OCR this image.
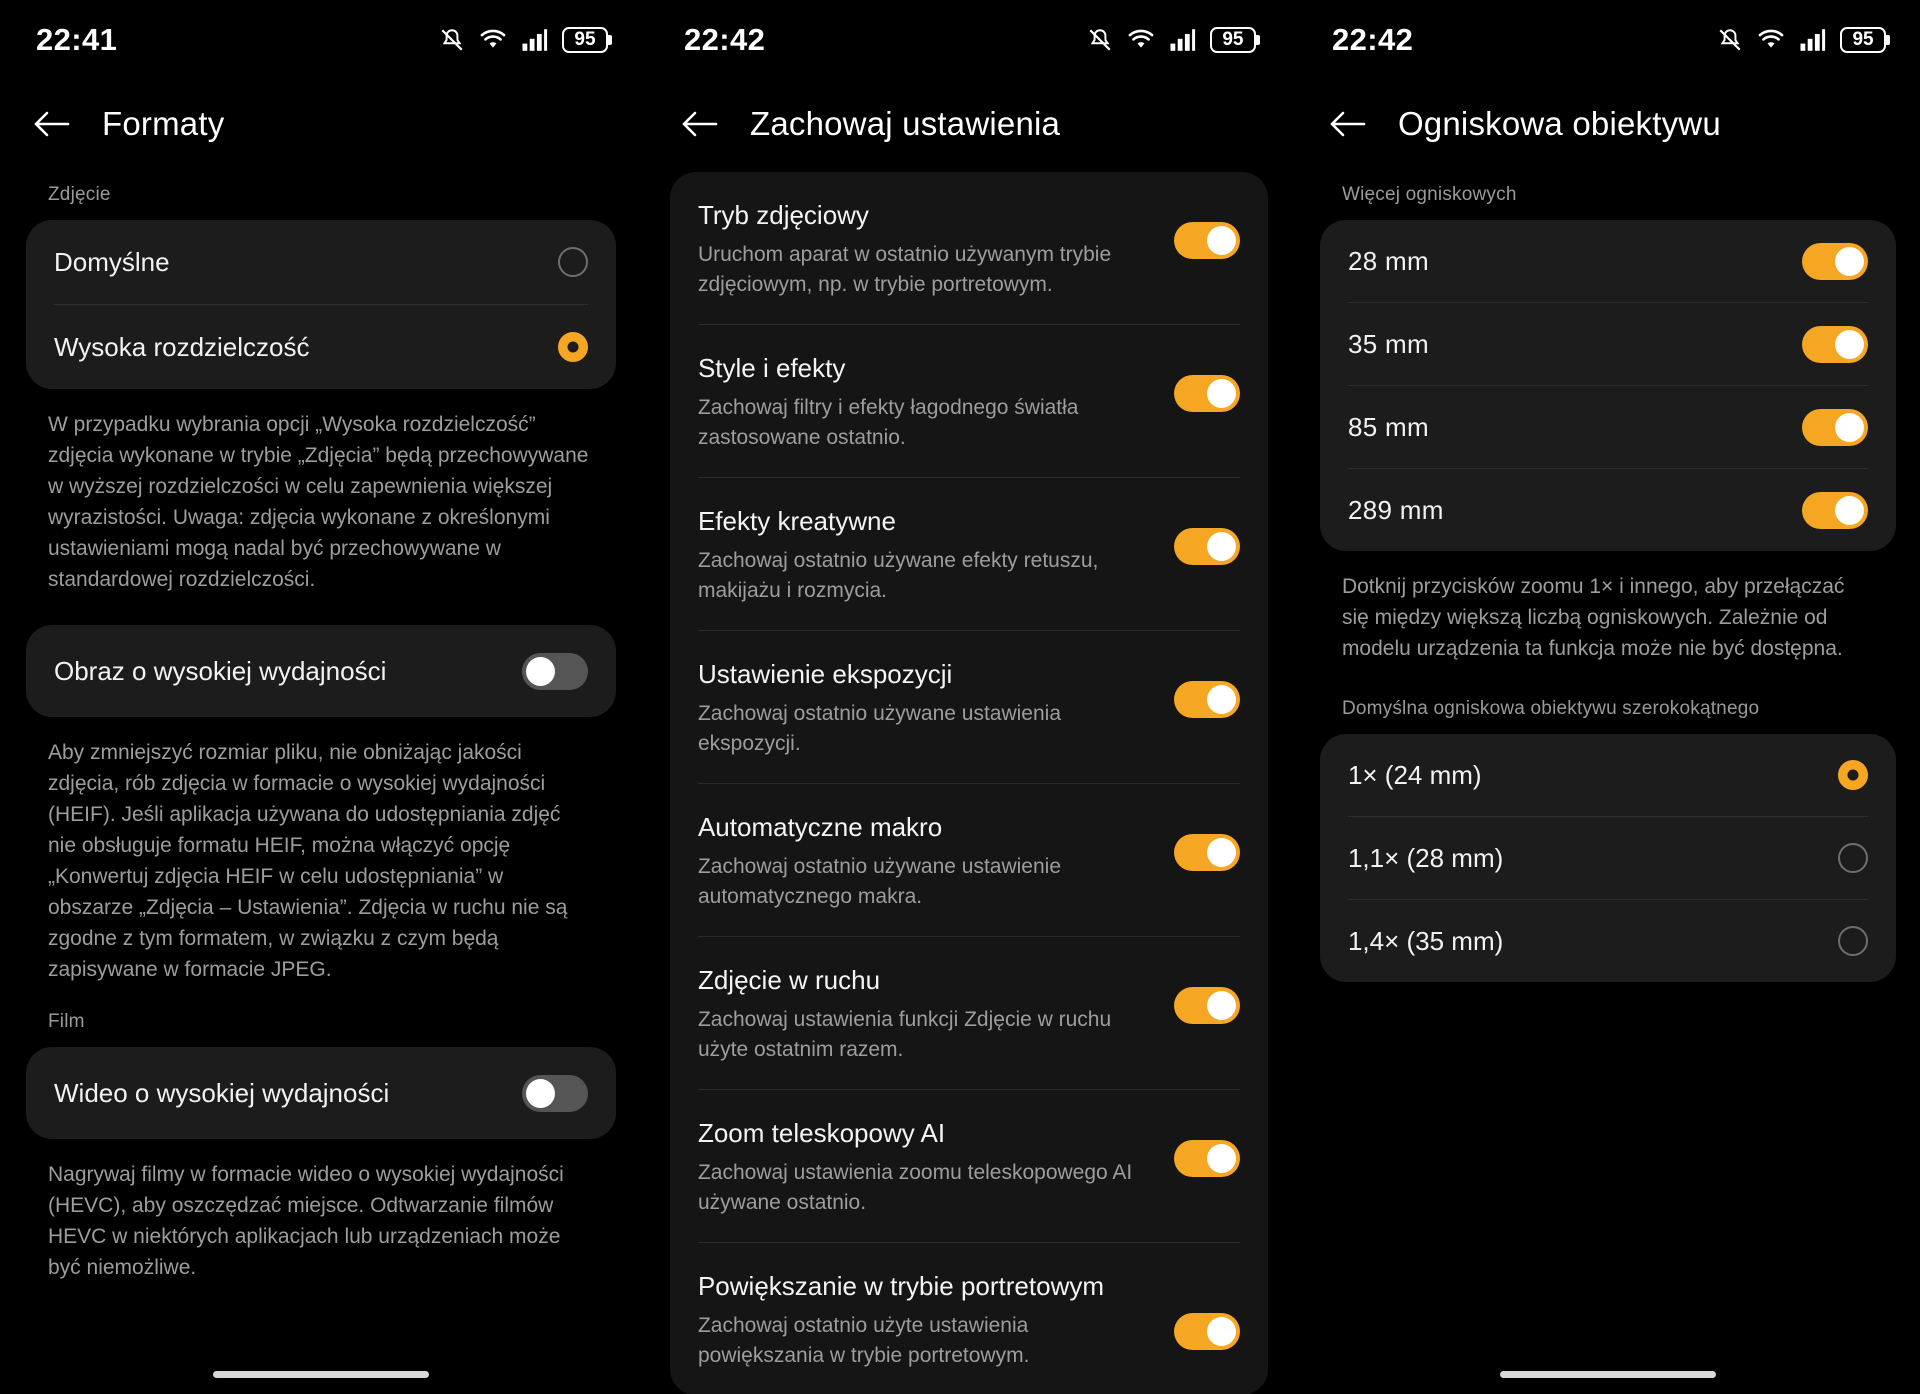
22:41	95
Formaty
Zdjęcie
Domyślne
Wysoka rozdzielczość
W przypadku wybrania opcji „Wysoka rozdzielczość” zdjęcia wykonane w trybie „Zdjęcia” będą przechowywane w wyższej rozdzielczości w celu zapewnienia większej wyrazistości. Uwaga: zdjęcia wykonane z określonymi ustawieniami mogą nadal być przechowywane w standardowej rozdzielczości.
Obraz o wysokiej wydajności
Aby zmniejszyć rozmiar pliku, nie obniżając jakości zdjęcia, rób zdjęcia w formacie o wysokiej wydajności (HEIF). Jeśli aplikacja używana do udostępniania zdjęć nie obsługuje formatu HEIF, można włączyć opcję „Konwertuj zdjęcia HEIF w celu udostępniania” w obszarze „Zdjęcia – Ustawienia”. Zdjęcia w ruchu nie są zgodne z tym formatem, w związku z czym będą zapisywane w formacie JPEG.
Film
Wideo o wysokiej wydajności
Nagrywaj filmy w formacie wideo o wysokiej wydajności (HEVC), aby oszczędzać miejsce. Odtwarzanie filmów HEVC w niektórych aplikacjach lub urządzeniach może być niemożliwe.
22:42	95
Zachowaj ustawienia
Tryb zdjęciowy
Uruchom aparat w ostatnio używanym trybie zdjęciowym, np. w trybie portretowym.
Style i efekty
Zachowaj filtry i efekty łagodnego światła zastosowane ostatnio.
Efekty kreatywne
Zachowaj ostatnio używane efekty retuszu, makijażu i rozmycia.
Ustawienie ekspozycji
Zachowaj ostatnio używane ustawienia ekspozycji.
Automatyczne makro
Zachowaj ostatnio używane ustawienie automatycznego makra.
Zdjęcie w ruchu
Zachowaj ustawienia funkcji Zdjęcie w ruchu użyte ostatnim razem.
Zoom teleskopowy AI
Zachowaj ustawienia zoomu teleskopowego AI używane ostatnio.
Powiększanie w trybie portretowym
Zachowaj ostatnio użyte ustawienia powiększania w trybie portretowym.
22:42	95
Ogniskowa obiektywu
Więcej ogniskowych
28 mm
35 mm
85 mm
289 mm
Dotknij przycisków zoomu 1× i innego, aby przełączać się między większą liczbą ogniskowych. Zależnie od modelu urządzenia ta funkcja może nie być dostępna.
Domyślna ogniskowa obiektywu szerokokątnego
1× (24 mm)
1,1× (28 mm)
1,4× (35 mm)
